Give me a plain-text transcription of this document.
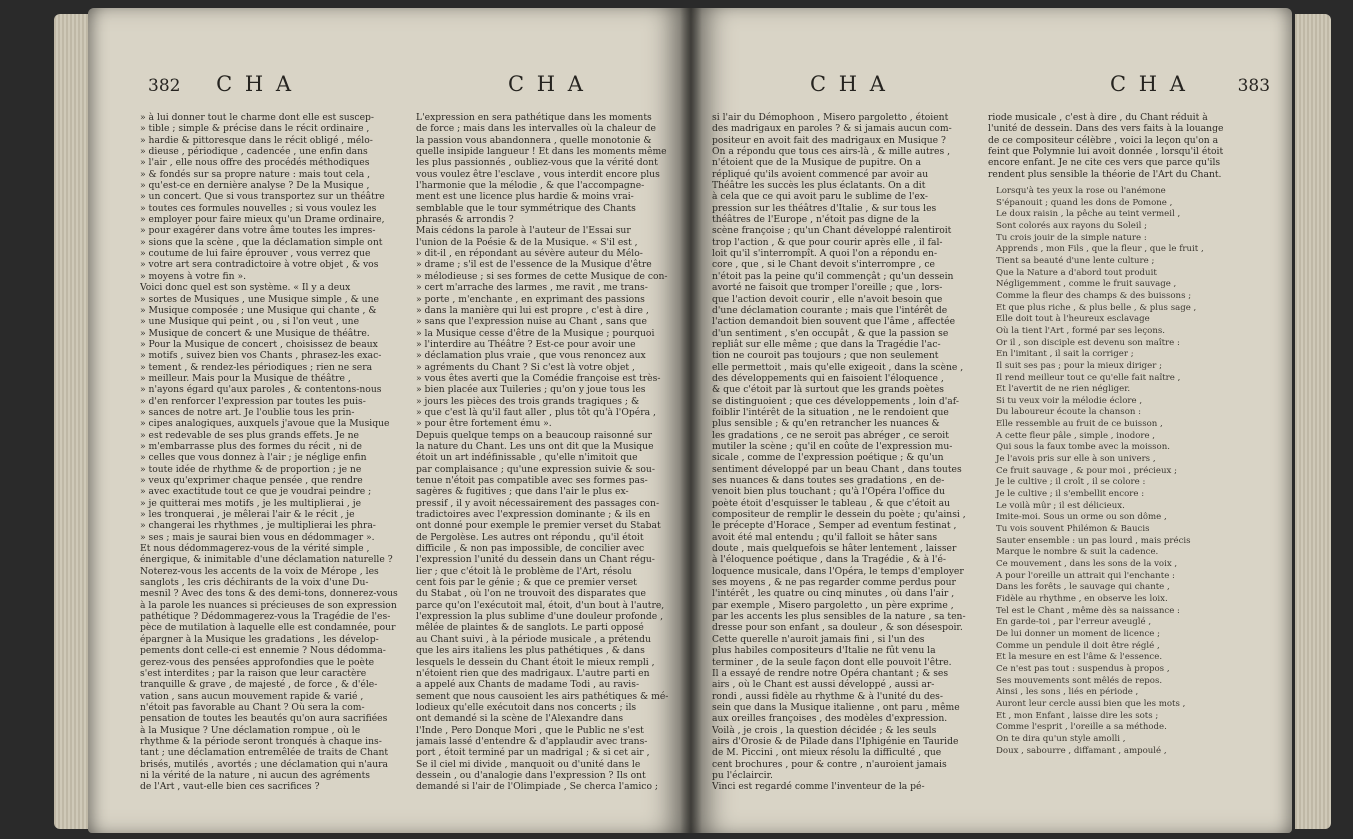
382 C H A	C H A

» à lui donner tout le charme dont elle est suscep-

» tible ; simple & précise dans le récit ordinaire ,

» hardie & pittoresque dans le récit obligé , mélo-

» dieuse , périodique , cadencée , une enfin dans

» l'air , elle nous offre des procédés méthodiques

» & fondés sur sa propre nature : mais tout cela ,

» qu'est-ce en dernière analyse ? De la Musique ,

» un concert. Que si vous transportez sur un théâtre

» toutes ces formules nouvelles ; si vous voulez les

» employer pour faire mieux qu'un Drame ordinaire,

» pour exagérer dans votre âme toutes les impres-

» sions que la scène , que la déclamation simple ont

» coutume de lui faire éprouver , vous verrez que

» votre art sera contradictoire à votre objet , & vos

» moyens à votre fin ».

Voici donc quel est son système. « Il y a deux

» sortes de Musiques , une Musique simple , & une

» Musique composée ; une Musique qui chante , &

» une Musique qui peint , ou , si l'on veut , une

» Musique de concert & une Musique de théâtre.

» Pour la Musique de concert , choisissez de beaux

» motifs , suivez bien vos Chants , phrasez-les exac-

» tement , & rendez-les périodiques ; rien ne sera

» meilleur. Mais pour la Musique de théâtre ,

» n'ayons égard qu'aux paroles , & contentons-nous

» d'en renforcer l'expression par toutes les puis-

» sances de notre art. Je l'oublie tous les prin-

» cipes analogiques, auxquels j'avoue que la Musique

» est redevable de ses plus grands effets. Je ne

» m'embarrasse plus des formes du récit , ni de

» celles que vous donnez à l'air ; je néglige enfin

» toute idée de rhythme & de proportion ; je ne

» veux qu'exprimer chaque pensée , que rendre

» avec exactitude tout ce que je voudrai peindre ;

» je quitterai mes motifs , je les multiplierai , je

» les tronquerai , je mêlerai l'air & le récit , je

» changerai les rhythmes , je multiplierai les phra-

» ses ; mais je saurai bien vous en dédommager ».

Et nous dédommagerez-vous de la vérité simple ,

énergique, & inimitable d'une déclamation naturelle ?

Noterez-vous les accents de la voix de Mérope , les

sanglots , les cris déchirants de la voix d'une Du-

mesnil ? Avec des tons & des demi-tons, donnerez-vous

à la parole les nuances si précieuses de son expression

pathétique ? Dédommagerez-vous la Tragédie de l'es-

pèce de mutilation à laquelle elle est condamnée, pour

épargner à la Musique les gradations , les dévelop-

pements dont celle-ci est ennemie ? Nous dédomma-

gerez-vous des pensées approfondies que le poète

s'est interdites ; par la raison que leur caractère

tranquille & grave , de majesté , de force , & d'éle-

vation , sans aucun mouvement rapide & varié ,

n'étoit pas favorable au Chant ? Où sera la com-

pensation de toutes les beautés qu'on aura sacrifiées

à la Musique ? Une déclamation rompue , où le

rhythme & la période seront tronqués à chaque ins-

tant ; une déclamation entremêlée de traits de Chant

brisés, mutilés , avortés ; une déclamation qui n'aura

ni la vérité de la nature , ni aucun des agréments

de l'Art , vaut-elle bien ces sacrifices ?

L'expression en sera pathétique dans les moments

de force ; mais dans les intervalles où la chaleur de

la passion vous abandonnera , quelle monotonie &

quelle insipide langueur ! Et dans les moments même

les plus passionnés , oubliez-vous que la vérité dont

vous voulez être l'esclave , vous interdit encore plus

l'harmonie que la mélodie , & que l'accompagne-

ment est une licence plus hardie & moins vrai-

semblable que le tour symmétrique des Chants

phrasés & arrondis ?

Mais cédons la parole à l'auteur de l'Essai sur

l'union de la Poésie & de la Musique. « S'il est ,

» dit-il , en répondant au sévère auteur du Mélo-

» drame ; s'il est de l'essence de la Musique d'être

» mélodieuse ; si ses formes de cette Musique de con-

» cert m'arrache des larmes , me ravit , me trans-

» porte , m'enchante , en exprimant des passions

» dans la manière qui lui est propre , c'est à dire ,

» sans que l'expression nuise au Chant , sans que

» la Musique cesse d'être de la Musique ; pourquoi

» l'interdire au Théâtre ? Est-ce pour avoir une

» déclamation plus vraie , que vous renoncez aux

» agréments du Chant ? Si c'est là votre objet ,

» vous êtes averti que la Comédie françoise est très-

» bien placée aux Tuileries ; qu'on y joue tous les

» jours les pièces des trois grands tragiques ; &

» que c'est là qu'il faut aller , plus tôt qu'à l'Opéra ,

» pour être fortement ému ».

Depuis quelque temps on a beaucoup raisonné sur

la nature du Chant. Les uns ont dit que la Musique

étoit un art indéfinissable , qu'elle n'imitoit que

par complaisance ; qu'une expression suivie & sou-

tenue n'étoit pas compatible avec ses formes pas-

sagères & fugitives ; que dans l'air le plus ex-

pressif , il y avoit nécessairement des passages con-

tradictoires avec l'expression dominante ; & ils en

ont donné pour exemple le premier verset du Stabat

de Pergolèse. Les autres ont répondu , qu'il étoit

difficile , & non pas impossible, de concilier avec

l'expression l'unité du dessein dans un Chant régu-

lier ; que c'étoit là le problème de l'Art, résolu

cent fois par le génie ; & que ce premier verset

du Stabat , où l'on ne trouvoit des disparates que

parce qu'on l'exécutoit mal, étoit, d'un bout à l'autre,

l'expression la plus sublime d'une douleur profonde ,

mêlée de plaintes & de sanglots. Le parti opposé

au Chant suivi , à la période musicale , a prétendu

que les airs italiens les plus pathétiques , & dans

lesquels le dessein du Chant étoit le mieux rempli ,

n'étoient rien que des madrigaux. L'autre parti en

a appelé aux Chants de madame Todi , au ravis-

sement que nous causoient les airs pathétiques & mé-

lodieux qu'elle exécutoit dans nos concerts ; ils

ont demandé si la scène de l'Alexandre dans

l'Inde , Pero Donque Mori , que le Public ne s'est

jamais lassé d'entendre & d'applaudir avec trans-

port , étoit terminé par un madrigal ; & si cet air ,

Se il ciel mi divide , manquoit ou d'unité dans le

dessein , ou d'analogie dans l'expression ? Ils ont

demandé si l'air de l'Olimpiade , Se cherca l'amico ;

C H A	C H A	383

si l'air du Démophoon , Misero pargoletto , étoient

des madrigaux en paroles ? & si jamais aucun com-

positeur en avoit fait des madrigaux en Musique ?

On a répondu que tous ces airs-là , & mille autres ,

n'étoient que de la Musique de pupitre. On a

répliqué qu'ils avoient commencé par avoir au

Théâtre les succès les plus éclatants. On a dit

à cela que ce qui avoit paru le sublime de l'ex-

pression sur les théâtres d'Italie , & sur tous les

théâtres de l'Europe , n'étoit pas digne de la

scène françoise ; qu'un Chant développé ralentiroit

trop l'action , & que pour courir après elle , il fal-

loit qu'il s'interrompît. A quoi l'on a répondu en-

core , que , si le Chant devoit s'interrompre , ce

n'étoit pas la peine qu'il commençât ; qu'un dessein

avorté ne faisoit que tromper l'oreille ; que , lors-

que l'action devoit courir , elle n'avoit besoin que

d'une déclamation courante ; mais que l'intérêt de

l'action demandoit bien souvent que l'âme , affectée

d'un sentiment , s'en occupât , & que la passion se

repliât sur elle même ; que dans la Tragédie l'ac-

tion ne couroit pas toujours ; que non seulement

elle permettoit , mais qu'elle exigeoit , dans la scène ,

des développements qui en faisoient l'éloquence ,

& que c'étoit par là surtout que les grands poètes

se distinguoient ; que ces développements , loin d'af-

foiblir l'intérêt de la situation , ne le rendoient que

plus sensible ; & qu'en retrancher les nuances &

les gradations , ce ne seroit pas abréger , ce seroit

mutiler la scène ; qu'il en coûte de l'expression mu-

sicale , comme de l'expression poétique ; & qu'un

sentiment développé par un beau Chant , dans toutes

ses nuances & dans toutes ses gradations , en de-

venoit bien plus touchant ; qu'à l'Opéra l'office du

poète étoit d'esquisser le tableau , & que c'étoit au

compositeur de remplir le dessein du poète ; qu'ainsi ,

le précepte d'Horace , Semper ad eventum festinat ,

avoit été mal entendu ; qu'il falloit se hâter sans

doute , mais quelquefois se hâter lentement , laisser

à l'éloquence poétique , dans la Tragédie , & à l'é-

loquence musicale, dans l'Opéra, le temps d'employer

ses moyens , & ne pas regarder comme perdus pour

l'intérêt , les quatre ou cinq minutes , où dans l'air ,

par exemple , Misero pargoletto , un père exprime ,

par les accents les plus sensibles de la nature , sa ten-

dresse pour son enfant , sa douleur , & son désespoir.

Cette querelle n'auroit jamais fini , si l'un des

plus habiles compositeurs d'Italie ne fût venu la

terminer , de la seule façon dont elle pouvoit l'être.

Il a essayé de rendre notre Opéra chantant ; & ses

airs , où le Chant est aussi développé , aussi ar-

rondi , aussi fidèle au rhythme & à l'unité du des-

sein que dans la Musique italienne , ont paru , même

aux oreilles françoises , des modèles d'expression.

Voilà , je crois , la question décidée ; & les seuls

airs d'Orosie & de Pilade dans l'Iphigénie en Tauride

de M. Piccini , ont mieux résolu la difficulté , que

cent brochures , pour & contre , n'auroient jamais

pu l'éclaircir.

Vinci est regardé comme l'inventeur de la pé-

riode musicale , c'est à dire , du Chant réduit à

l'unité de dessein. Dans des vers faits à la louange

de ce compositeur célèbre , voici la leçon qu'on a

feint que Polymnie lui avoit donnée , lorsqu'il étoit

encore enfant. Je ne cite ces vers que parce qu'ils

rendent plus sensible la théorie de l'Art du Chant.

Lorsqu'à tes yeux la rose ou l'anémone

S'épanouit ; quand les dons de Pomone ,

Le doux raisin , la pêche au teint vermeil ,

Sont colorés aux rayons du Soleil ;

Tu crois jouir de la simple nature :

Apprends , mon Fils , que la fleur , que le fruit ,

Tient sa beauté d'une lente culture ;

Que la Nature a d'abord tout produit

Négligemment , comme le fruit sauvage ,

Comme la fleur des champs & des buissons ;

Et que plus riche , & plus belle , & plus sage ,

Elle doit tout à l'heureux esclavage

Où la tient l'Art , formé par ses leçons.

Or il , son disciple est devenu son maître :

En l'imitant , il sait la corriger ;

Il suit ses pas ; pour la mieux diriger ;

Il rend meilleur tout ce qu'elle fait naître ,

Et l'avertit de ne rien négliger.

Si tu veux voir la mélodie éclore ,

Du laboureur écoute la chanson :

Elle ressemble au fruit de ce buisson ,

A cette fleur pâle , simple , inodore ,

Qui sous la faux tombe avec la moisson.

Je l'avois pris sur elle à son univers ,

Ce fruit sauvage , & pour moi , précieux ;

Je le cultive ; il croît , il se colore :

Je le cultive ; il s'embellit encore :

Le voilà mûr ; il est délicieux.

Imite-moi. Sous un orme ou son dôme ,

Tu vois souvent Philémon & Baucis

Sauter ensemble : un pas lourd , mais précis

Marque le nombre & suit la cadence.

Ce mouvement , dans les sons de la voix ,

A pour l'oreille un attrait qui l'enchante :

Dans les forêts , le sauvage qui chante ,

Fidèle au rhythme , en observe les loix.

Tel est le Chant , même dès sa naissance :

En garde-toi , par l'erreur aveuglé ,

De lui donner un moment de licence ;

Comme un pendule il doit être réglé ,

Et la mesure en est l'âme & l'essence.

Ce n'est pas tout : suspendus à propos ,

Ses mouvements sont mêlés de repos.

Ainsi , les sons , liés en période ,

Auront leur cercle aussi bien que les mots ,

Et , mon Enfant , laisse dire les sots ;

Comme l'esprit , l'oreille a sa méthode.

On te dira qu'un style amolli ,

Doux , sabourre , diffamant , ampoulé ,
